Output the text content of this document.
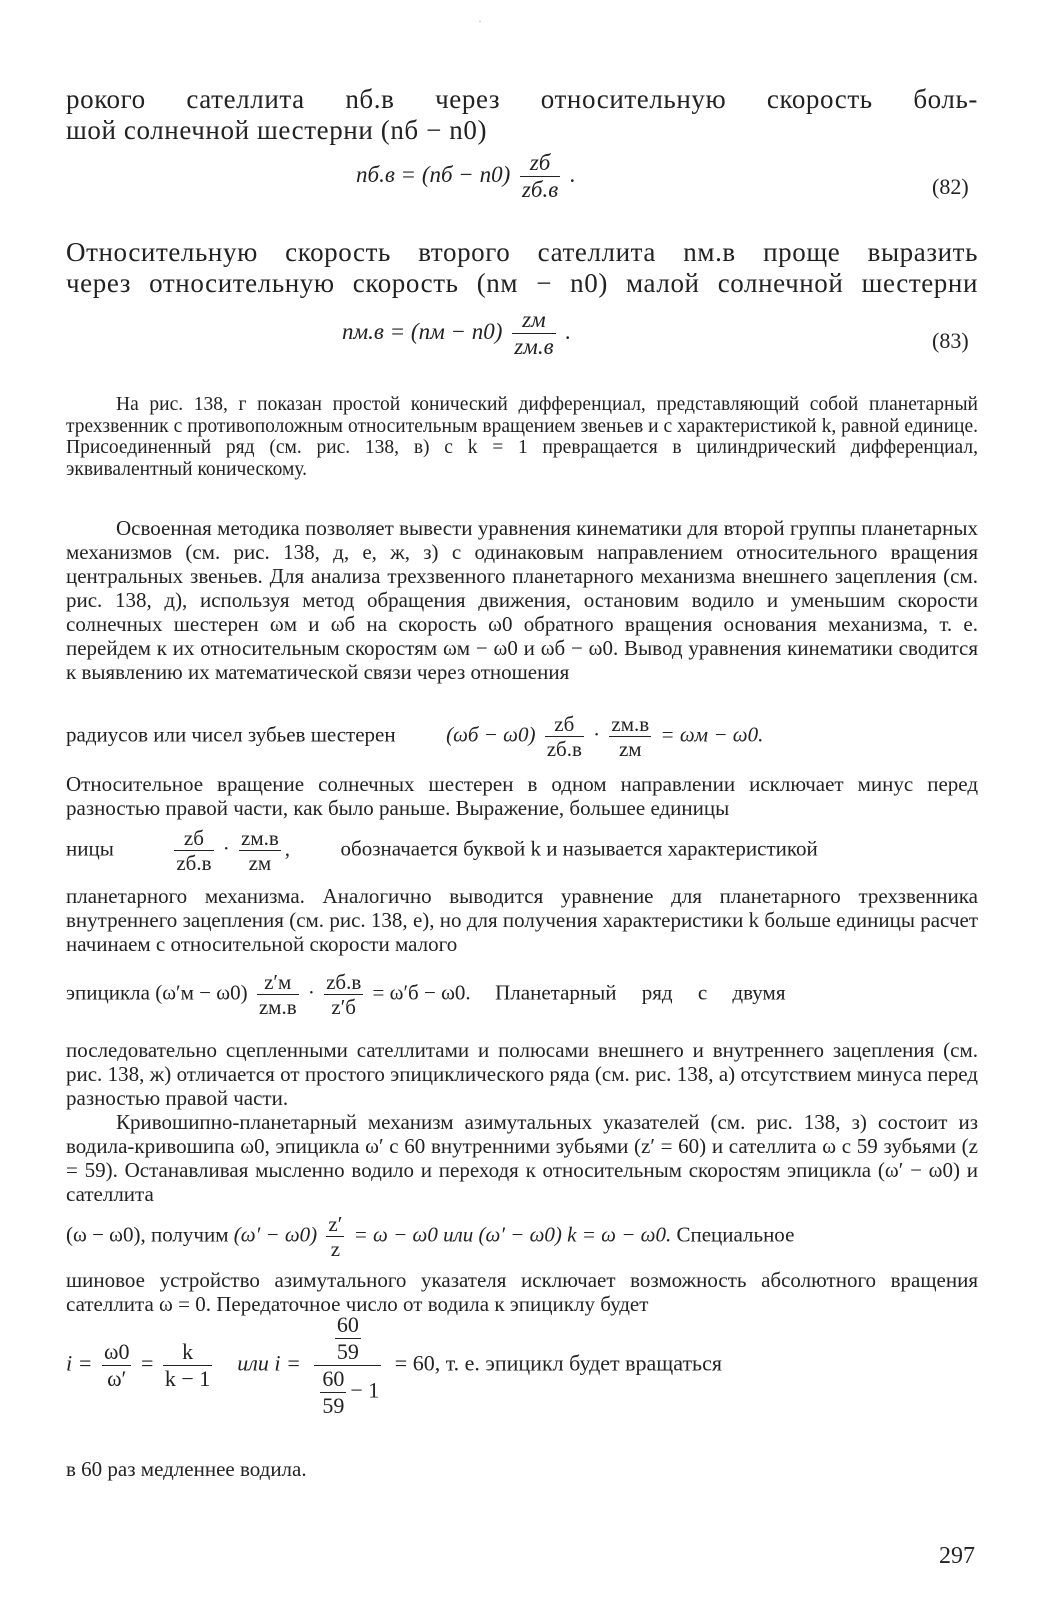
·
рокого сателлита nб.в через относительную скорость боль-
шой солнечной шестерни (nб − n0)
$nб.в = (nб - n0) \frac{zб}{zб.в}$ .	(82)
Относительную скорость второго сателлита nм.в проще выразить
через относительную скорость (nм − n0) малой солнечной шестерни
$nм.в = (nм - n0) \frac{zм}{zм.в}$ .	(83)
На рис. 138, г показан простой конический дифференциал, представляющий собой планетарный трехзвенник с противоположным относительным вращением звеньев и с характеристикой k, равной единице. Присоединенный ряд (см. рис. 138, в) с k = 1 превращается в цилиндрический дифференциал, эквивалентный коническому.
Освоенная методика позволяет вывести уравнения кинематики для второй группы планетарных механизмов (см. рис. 138, д, е, ж, з) с одинаковым направлением относительного вращения центральных звеньев. Для анализа трехзвенного планетарного механизма внешнего зацепления (см. рис. 138, д), используя метод обращения движения, остановим водило и уменьшим скорости солнечных шестерен ωм и ωб на скорость ω0 обратного вращения основания механизма, т. е. перейдем к их относительным скоростям ωм − ω0 и ωб − ω0. Вывод уравнения кинематики сводится к выявлению их математической связи через отношения
радиусов или чисел зубьев шестерен $(\omega б - \omega 0) \frac{zб}{zб.в} \cdot \frac{zм.в}{zм} = \omega м - \omega 0$.
Относительное вращение солнечных шестерен в одном направлении исключает минус перед разностью правой части, как было раньше. Выражение, большее единицы
ницы	$\frac{zб}{zб.в} \cdot \frac{zм.в}{zм}$ , обозначается буквой k и называется характеристикой
планетарного механизма. Аналогично выводится уравнение для планетарного трехзвенника внутреннего зацепления (см. рис. 138, е), но для получения характеристики k больше единицы расчет начинаем с относительной скорости малого
эпицикла $(\omega'м - \omega 0) \frac{z'м}{zм.в} \cdot \frac{zб.в}{z'б} = \omega'б - \omega 0$. Планетарный ряд с двумя
последовательно сцепленными сателлитами и полюсами внешнего и внутреннего зацепления (см. рис. 138, ж) отличается от простого эпициклического ряда (см. рис. 138, а) отсутствием минуса перед разностью правой части.
Кривошипно-планетарный механизм азимутальных указателей (см. рис. 138, з) состоит из водила-кривошипа ω0, эпицикла ω′ с 60 внутренними зубьями (z′ = 60) и сателлита ω с 59 зубьями (z = 59). Останавливая мысленно водило и переходя к относительным скоростям эпицикла (ω′ − ω0) и сателлита
(ω − ω0), получим $(\omega' - \omega 0) \frac{z'}{z} = \omega - \omega 0$ или (ω′ − ω0) k = ω − ω0. Специальное
шиновое устройство азимутального указателя исключает возможность абсолютного вращения сателлита ω = 0. Передаточное число от водила к эпициклу будет
$i = \frac{\omega 0}{\omega'} = \frac{k}{k - 1}$ или $i = \frac{\frac{60}{59}}{\frac{60}{59} - 1} = 60$, т. е. эпицикл будет вращаться
в 60 раз медленнее водила.
297
